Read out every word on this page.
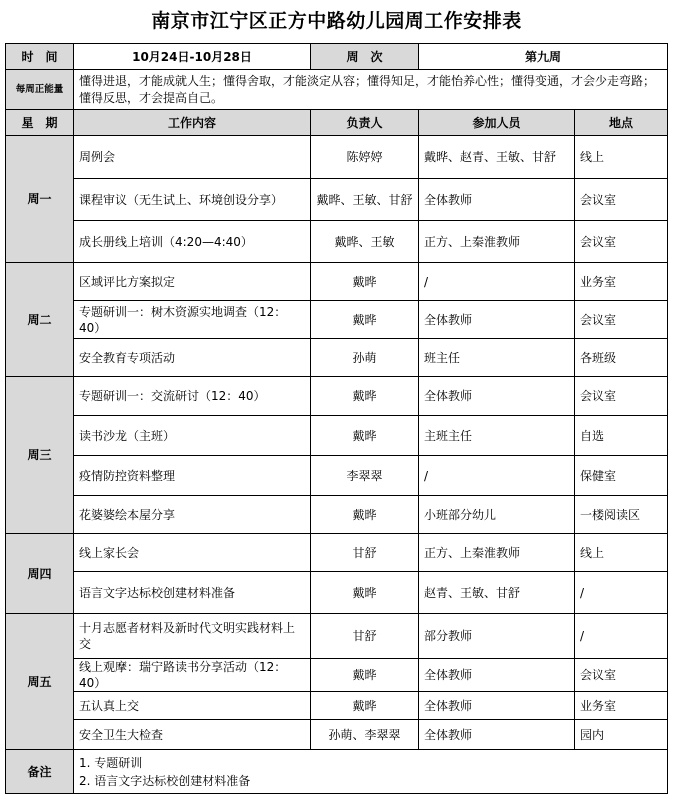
南京市江宁区正方中路幼儿园周工作安排表
时　间	10月24日-10月28日	周　次	第九周	
每周正能量	懂得进退，才能成就人生；懂得舍取，才能淡定从容；懂得知足，才能怡养心性；懂得变通，才会少走弯路；懂得反思，才会提高自己。			
星　期	工作内容	负责人	参加人员	地点
周一	周例会	陈婷婷	戴晔、赵青、王敏、甘舒	线上
	课程审议（无生试上、环境创设分享）	戴晔、王敏、甘舒	全体教师	会议室
	成长册线上培训（4:20—4:40）	戴晔、王敏	正方、上秦淮教师	会议室
周二	区域评比方案拟定	戴晔	/	业务室
	专题研训一：树木资源实地调查（12：40）	戴晔	全体教师	会议室
	安全教育专项活动	孙萌	班主任	各班级
周三	专题研训一：交流研讨（12：40）	戴晔	全体教师	会议室
	读书沙龙（主班）	戴晔	主班主任	自选
	疫情防控资料整理	李翠翠	/	保健室
	花婆婆绘本屋分享	戴晔	小班部分幼儿	一楼阅读区
周四	线上家长会	甘舒	正方、上秦淮教师	线上
	语言文字达标校创建材料准备	戴晔	赵青、王敏、甘舒	/
周五	十月志愿者材料及新时代文明实践材料上交	甘舒	部分教师	/
	线上观摩：瑞宁路读书分享活动（12：40）	戴晔	全体教师	会议室
	五认真上交	戴晔	全体教师	业务室
	安全卫生大检查	孙萌、李翠翠	全体教师	园内
备注	1. 专题研训
2. 语言文字达标校创建材料准备			
